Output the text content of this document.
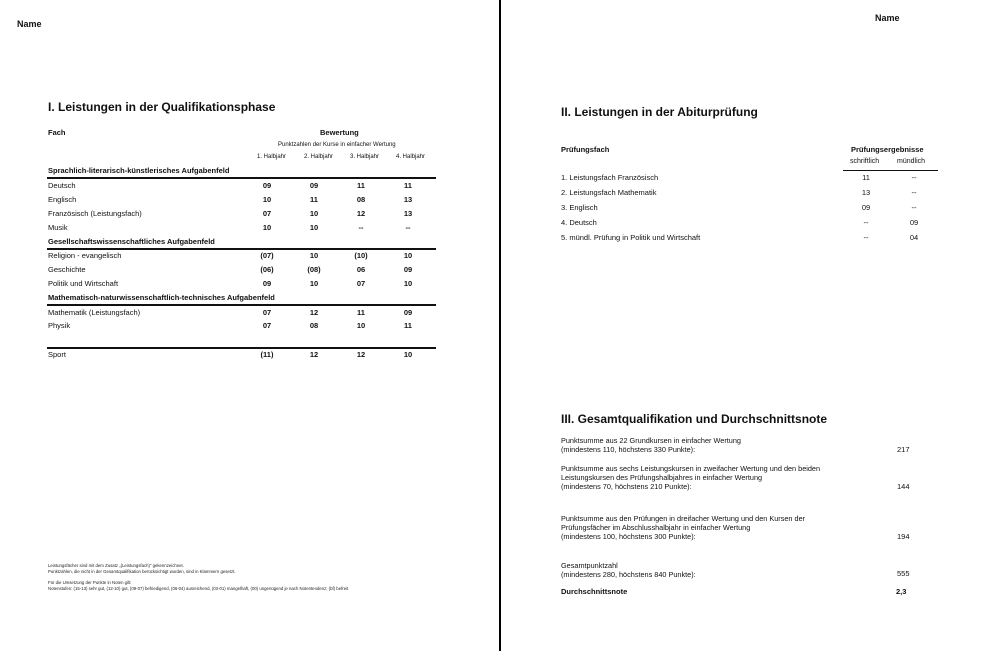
Name
I. Leistungen in der Qualifikationsphase
Fach	Bewertung
Punktzahlen der Kurse in einfacher Wertung
1. Halbjahr	2. Halbjahr	3. Halbjahr	4. Halbjahr
Sprachlich-literarisch-künstlerisches Aufgabenfeld
Deutsch	09	09	11	11
Englisch	10	11	08	13
Französisch (Leistungsfach)	07	10	12	13
Musik	10	10	--	--
Gesellschaftswissenschaftliches Aufgabenfeld
Religion - evangelisch	(07)	10	(10)	10
Geschichte	(06)	(08)	06	09
Politik und Wirtschaft	09	10	07	10
Mathematisch-naturwissenschaftlich-technisches Aufgabenfeld
Mathematik (Leistungsfach)	07	12	11	09
Physik	07	08	10	11
Sport	(11)	12	12	10
Leistungsfächer sind mit dem Zusatz „(Leistungsfach)“ gekennzeichnet.
Punktzahlen, die nicht in der Gesamtqualifikation berücksichtigt wurden, sind in Klammern gesetzt.
Für die Umsetzung der Punkte in Noten gilt:
Notenstufen: (15-13) sehr gut, (12-10) gut, (09-07) befriedigend, (06-04) ausreichend, (03-01) mangelhaft, (00) ungenügend je nach Notentendenz; (bf) befreit
Name
II. Leistungen in der Abiturprüfung
Prüfungsfach	Prüfungsergebnisse
schriftlich	mündlich
1. Leistungsfach Französisch	11	--
2. Leistungsfach Mathematik	13	--
3. Englisch	09	--
4. Deutsch	--	09
5. mündl. Prüfung in Politik und Wirtschaft	--	04
III. Gesamtqualifikation und Durchschnittsnote
Punktsumme aus 22 Grundkursen in einfacher Wertung
(mindestens 110, höchstens 330 Punkte):	217
Punktsumme aus sechs Leistungskursen in zweifacher Wertung und den beiden
Leistungskursen des Prüfungshalbjahres in einfacher Wertung
(mindestens 70, höchstens 210 Punkte):	144
Punktsumme aus den Prüfungen in dreifacher Wertung und den Kursen der
Prüfungsfächer im Abschlusshalbjahr in einfacher Wertung
(mindestens 100, höchstens 300 Punkte):	194
Gesamtpunktzahl
(mindestens 280, höchstens 840 Punkte):	555
Durchschnittsnote	2,3
